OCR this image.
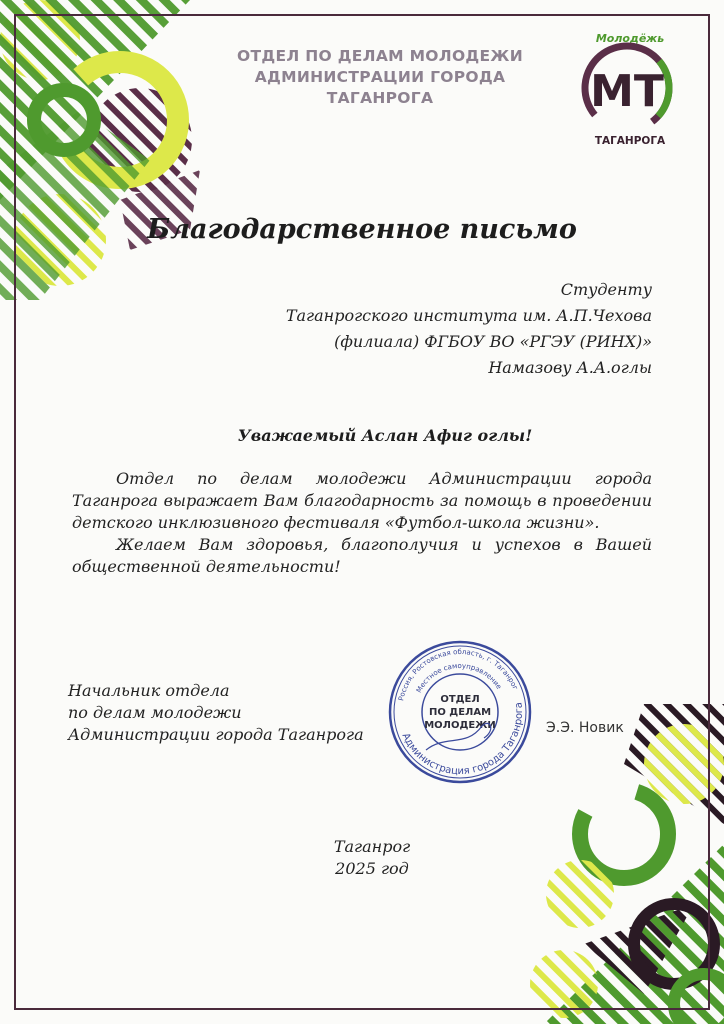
ОТДЕЛ ПО ДЕЛАМ МОЛОДЕЖИ
АДМИНИСТРАЦИИ ГОРОДА ТАГАНРОГА
Молодёжь
МТ
ТАГАНРОГА
Благодарственное письмо
Студенту
Таганрогского института им. А.П.Чехова
(филиала) ФГБОУ ВО «РГЭУ (РИНХ)»
Намазову А.А.оглы
Уважаемый Аслан Афиг оглы!

Отдел по делам молодежи Администрации города Таганрога выражает Вам благодарность за помощь в проведении детского инклюзивного фестиваля «Футбол-школа жизни».

Желаем Вам здоровья, благополучия и успехов в Вашей общественной деятельности!

Начальник отдела
по делам молодежи
Администрации города Таганрога	Администрация города Таганрога
Россия, Ростовская область, г. Таганрог
Местное самоуправление
ОТДЕЛ
ПО ДЕЛАМ
МОЛОДЕЖИ	Э.Э. Новик
Таганрог
2025 год
